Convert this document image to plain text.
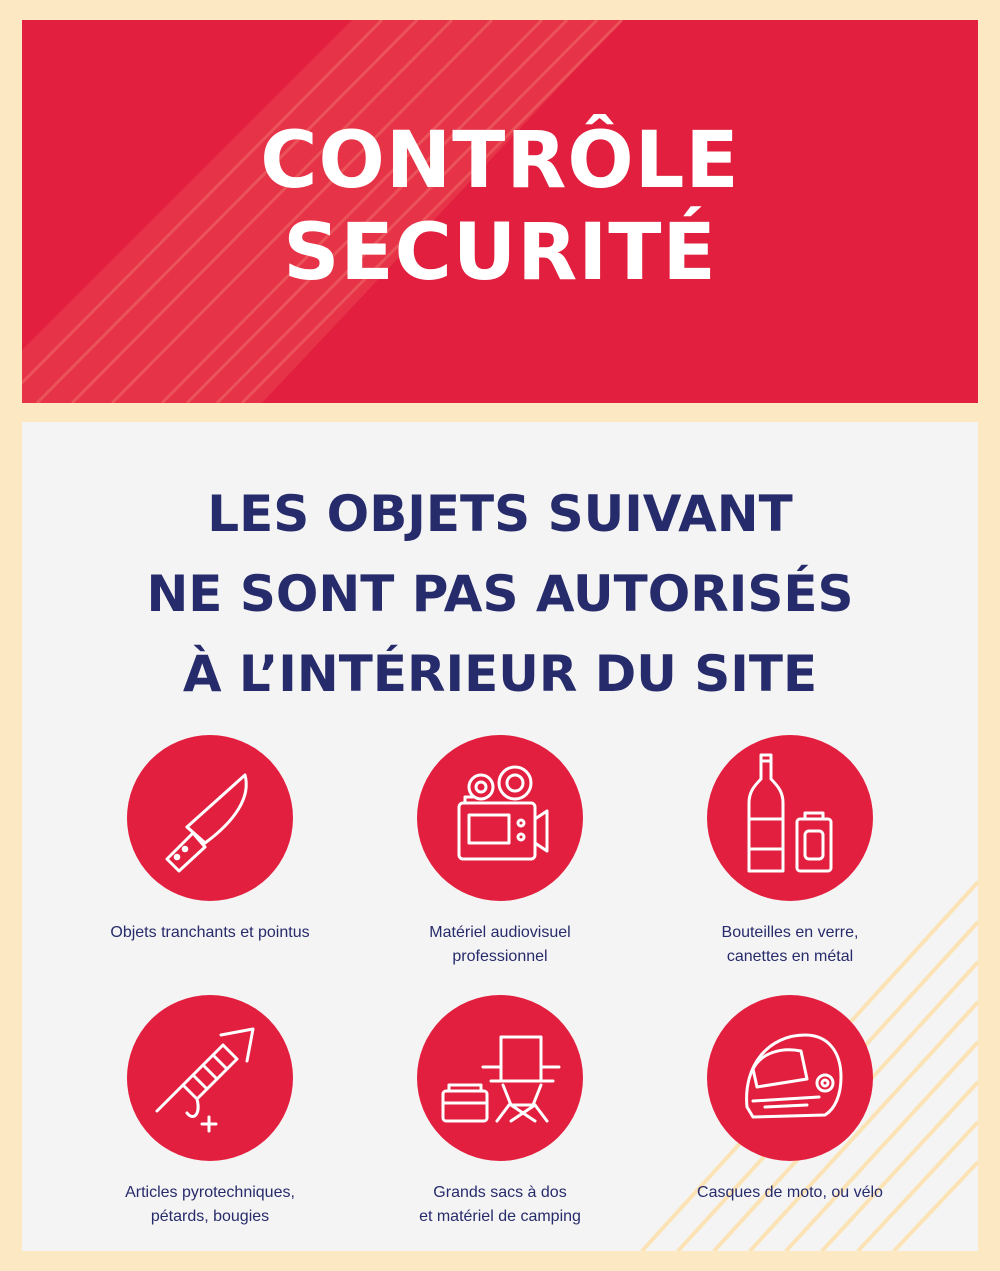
CONTRÔLE
SECURITÉ
LES OBJETS SUIVANT
NE SONT PAS AUTORISÉS
À L’INTÉRIEUR DU SITE
Objets tranchants et pointus	Matériel audiovisuel
professionnel
Bouteilles en verre,
canettes en métal
Articles pyrotechniques,
pétards, bougies
Grands sacs à dos
et matériel de camping
Casques de moto, ou vélo
